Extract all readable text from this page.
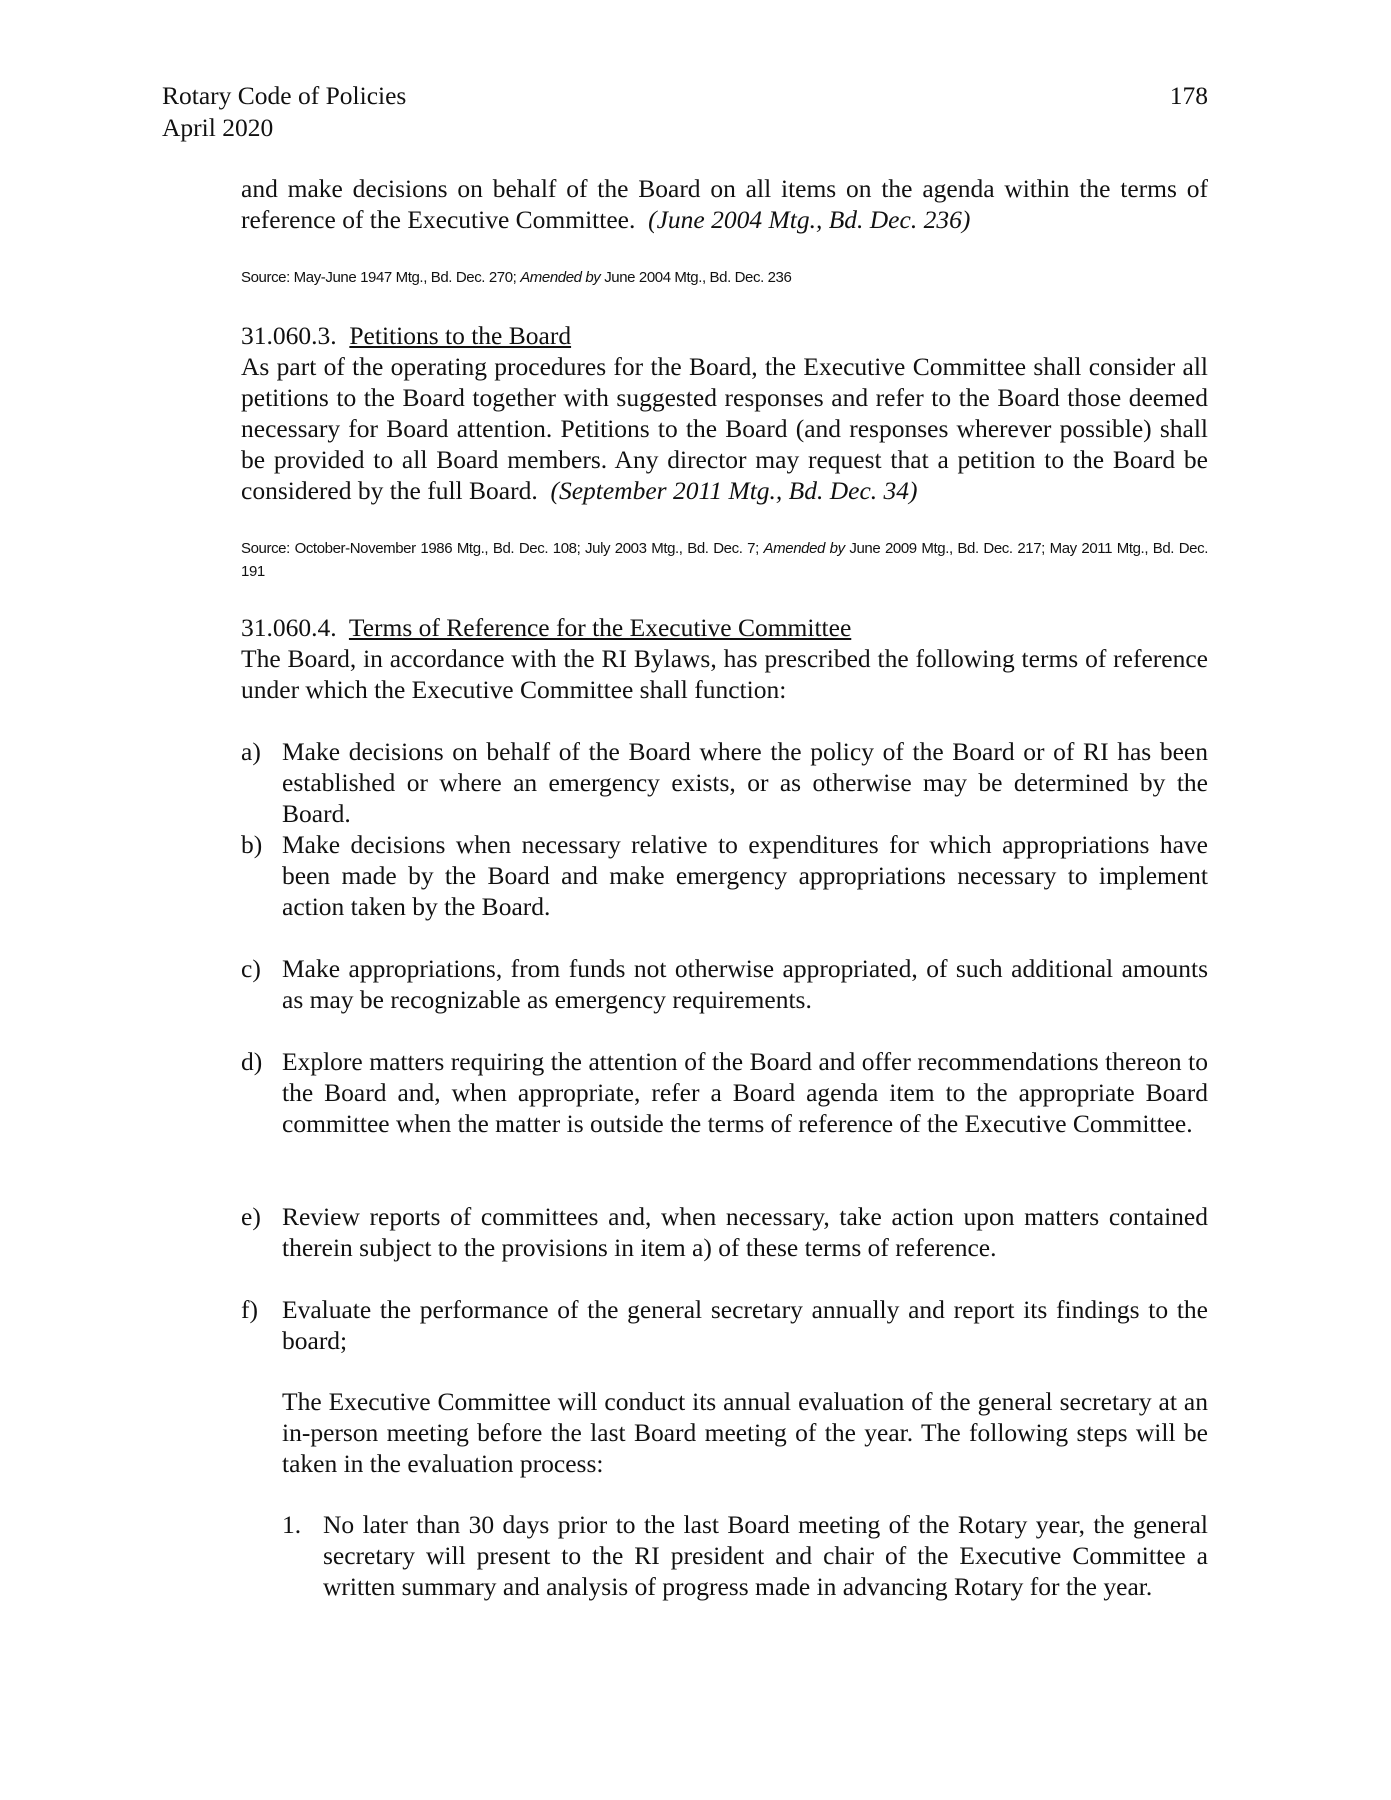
Rotary Code of Policies
April 2020
178
and make decisions on behalf of the Board on all items on the agenda within the terms of reference of the Executive Committee. (June 2004 Mtg., Bd. Dec. 236)
Source: May-June 1947 Mtg., Bd. Dec. 270; Amended by June 2004 Mtg., Bd. Dec. 236
31.060.3. Petitions to the Board
As part of the operating procedures for the Board, the Executive Committee shall consider all petitions to the Board together with suggested responses and refer to the Board those deemed necessary for Board attention. Petitions to the Board (and responses wherever possible) shall be provided to all Board members. Any director may request that a petition to the Board be considered by the full Board. (September 2011 Mtg., Bd. Dec. 34)
Source: October-November 1986 Mtg., Bd. Dec. 108; July 2003 Mtg., Bd. Dec. 7; Amended by June 2009 Mtg., Bd. Dec. 217; May 2011 Mtg., Bd. Dec. 191
31.060.4. Terms of Reference for the Executive Committee
The Board, in accordance with the RI Bylaws, has prescribed the following terms of reference under which the Executive Committee shall function:
a) Make decisions on behalf of the Board where the policy of the Board or of RI has been established or where an emergency exists, or as otherwise may be determined by the Board.
b) Make decisions when necessary relative to expenditures for which appropriations have been made by the Board and make emergency appropriations necessary to implement action taken by the Board.
c) Make appropriations, from funds not otherwise appropriated, of such additional amounts as may be recognizable as emergency requirements.
d) Explore matters requiring the attention of the Board and offer recommendations thereon to the Board and, when appropriate, refer a Board agenda item to the appropriate Board committee when the matter is outside the terms of reference of the Executive Committee.
e) Review reports of committees and, when necessary, take action upon matters contained therein subject to the provisions in item a) of these terms of reference.
f) Evaluate the performance of the general secretary annually and report its findings to the board;
The Executive Committee will conduct its annual evaluation of the general secretary at an in-person meeting before the last Board meeting of the year. The following steps will be taken in the evaluation process:
1. No later than 30 days prior to the last Board meeting of the Rotary year, the general secretary will present to the RI president and chair of the Executive Committee a written summary and analysis of progress made in advancing Rotary for the year.
